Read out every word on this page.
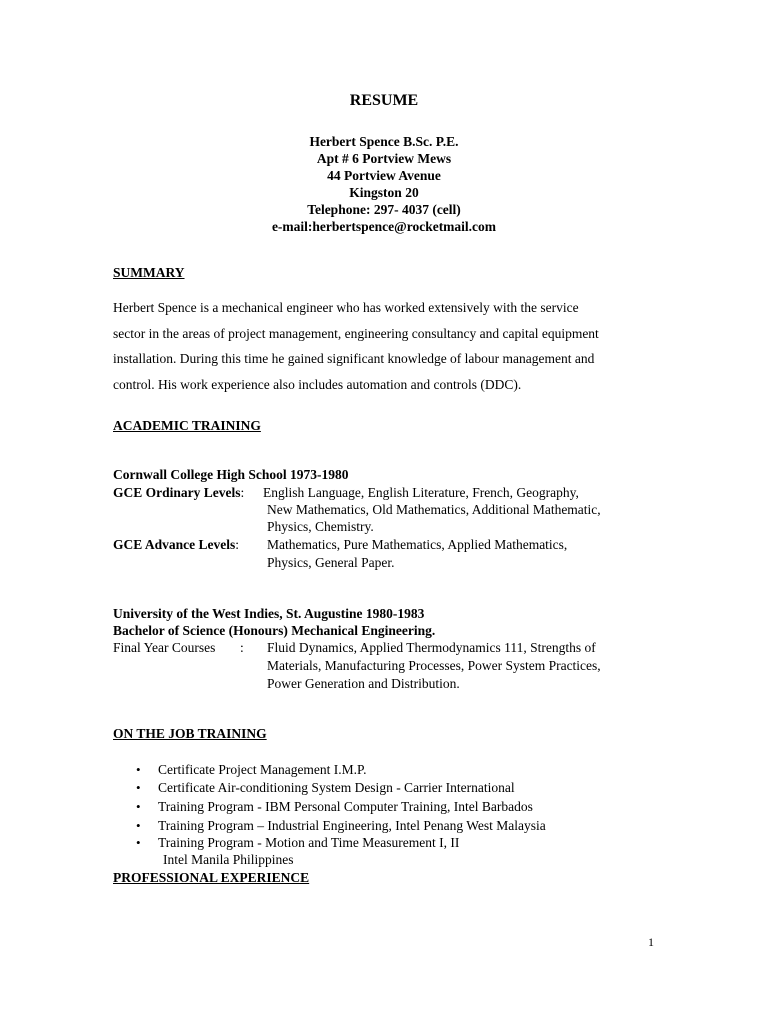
RESUME
Herbert Spence B.Sc. P.E.
Apt # 6 Portview Mews
44 Portview Avenue
Kingston 20
Telephone: 297- 4037 (cell)
e-mail:herbertspence@rocketmail.com
SUMMARY
Herbert Spence is a mechanical engineer who has worked extensively with the service
sector in the areas of project management, engineering consultancy and capital equipment
installation. During this time he gained significant knowledge of labour management and
control. His work experience also includes automation and controls (DDC).
ACADEMIC TRAINING
Cornwall College High School 1973-1980
GCE Ordinary Levels: English Language, English Literature, French, Geography,
New Mathematics, Old Mathematics, Additional Mathematic,
Physics, Chemistry.
GCE Advance Levels: Mathematics, Pure Mathematics, Applied Mathematics,
Physics, General Paper.
University of the West Indies, St. Augustine 1980-1983
Bachelor of Science (Honours) Mechanical Engineering.
Final Year Courses : Fluid Dynamics, Applied Thermodynamics 111, Strengths of
Materials, Manufacturing Processes, Power System Practices,
Power Generation and Distribution.
ON THE JOB TRAINING
• Certificate Project Management I.M.P.
• Certificate Air-conditioning System Design - Carrier International
• Training Program - IBM Personal Computer Training, Intel Barbados
• Training Program – Industrial Engineering, Intel Penang West Malaysia
• Training Program - Motion and Time Measurement I, II
Intel Manila Philippines
PROFESSIONAL EXPERIENCE
1
